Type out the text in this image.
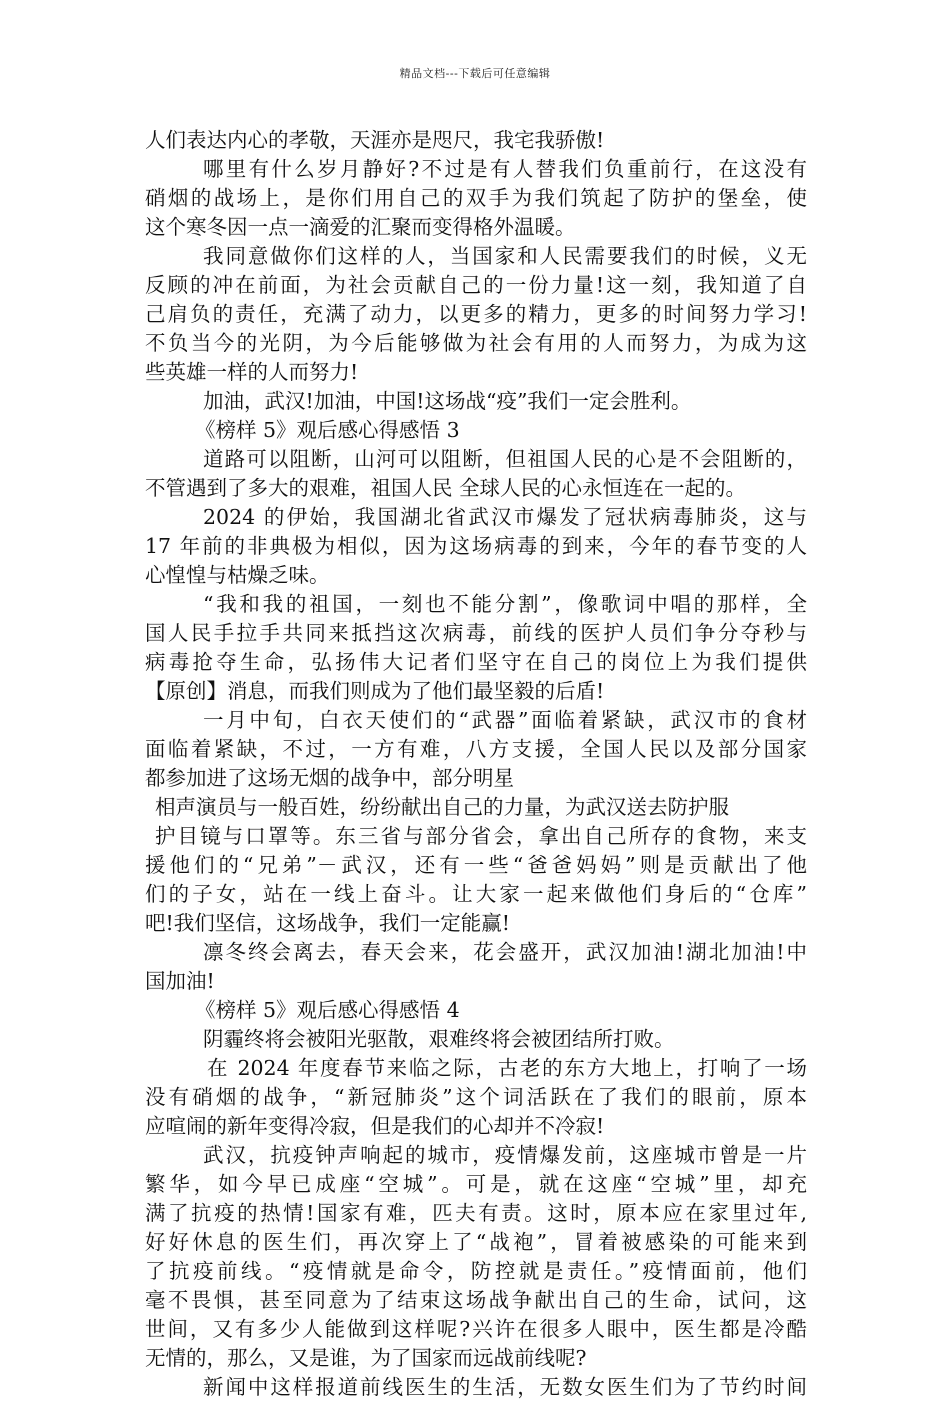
精品文档---下载后可任意编辑
人们表达内心的孝敬，天涯亦是咫尺，我宅我骄傲!
哪里有什么岁月静好?不过是有人替我们负重前行，在这没有
硝烟的战场上，是你们用自己的双手为我们筑起了防护的堡垒，使
这个寒冬因一点一滴爱的汇聚而变得格外温暖。
我同意做你们这样的人，当国家和人民需要我们的时候，义无
反顾的冲在前面，为社会贡献自己的一份力量!这一刻，我知道了自
己肩负的责任，充满了动力，以更多的精力，更多的时间努力学习!
不负当今的光阴，为今后能够做为社会有用的人而努力，为成为这
些英雄一样的人而努力!
加油，武汉!加油，中国!这场战“疫”我们一定会胜利。
《榜样 5》观后感心得感悟 3
道路可以阻断，山河可以阻断，但祖国人民的心是不会阻断的，
不管遇到了多大的艰难，祖国人民 全球人民的心永恒连在一起的。
2024 的伊始，我国湖北省武汉市爆发了冠状病毒肺炎，这与
17 年前的非典极为相似，因为这场病毒的到来，今年的春节变的人
心惶惶与枯燥乏味。
“我和我的祖国，一刻也不能分割”，像歌词中唱的那样，全
国人民手拉手共同来抵挡这次病毒，前线的医护人员们争分夺秒与
病毒抢夺生命，弘扬伟大记者们坚守在自己的岗位上为我们提供
【原创】消息，而我们则成为了他们最坚毅的后盾!
一月中旬，白衣天使们的“武器”面临着紧缺，武汉市的食材
面临着紧缺，不过，一方有难，八方支援，全国人民以及部分国家
都参加进了这场无烟的战争中，部分明星
相声演员与一般百姓，纷纷献出自己的力量，为武汉送去防护服
护目镜与口罩等。东三省与部分省会，拿出自己所存的食物，来支
援他们的“兄弟”－武汉，还有一些“爸爸妈妈”则是贡献出了他
们的子女，站在一线上奋斗。让大家一起来做他们身后的“仓库”
吧!我们坚信，这场战争，我们一定能赢!
凛冬终会离去，春天会来，花会盛开，武汉加油!湖北加油!中
国加油!
《榜样 5》观后感心得感悟 4
阴霾终将会被阳光驱散，艰难终将会被团结所打败。
在 2024 年度春节来临之际，古老的东方大地上，打响了一场
没有硝烟的战争，“新冠肺炎”这个词活跃在了我们的眼前，原本
应喧闹的新年变得冷寂，但是我们的心却并不冷寂!
武汉，抗疫钟声响起的城市，疫情爆发前，这座城市曾是一片
繁华，如今早已成座“空城”。可是，就在这座“空城”里，却充
满了抗疫的热情!国家有难，匹夫有责。这时，原本应在家里过年,
好好休息的医生们，再次穿上了“战袍”，冒着被感染的可能来到
了抗疫前线。“疫情就是命令，防控就是责任。”疫情面前，他们
毫不畏惧，甚至同意为了结束这场战争献出自己的生命，试问，这
世间，又有多少人能做到这样呢?兴许在很多人眼中，医生都是冷酷
无情的，那么，又是谁，为了国家而远战前线呢?
新闻中这样报道前线医生的生活，无数女医生们为了节约时间
